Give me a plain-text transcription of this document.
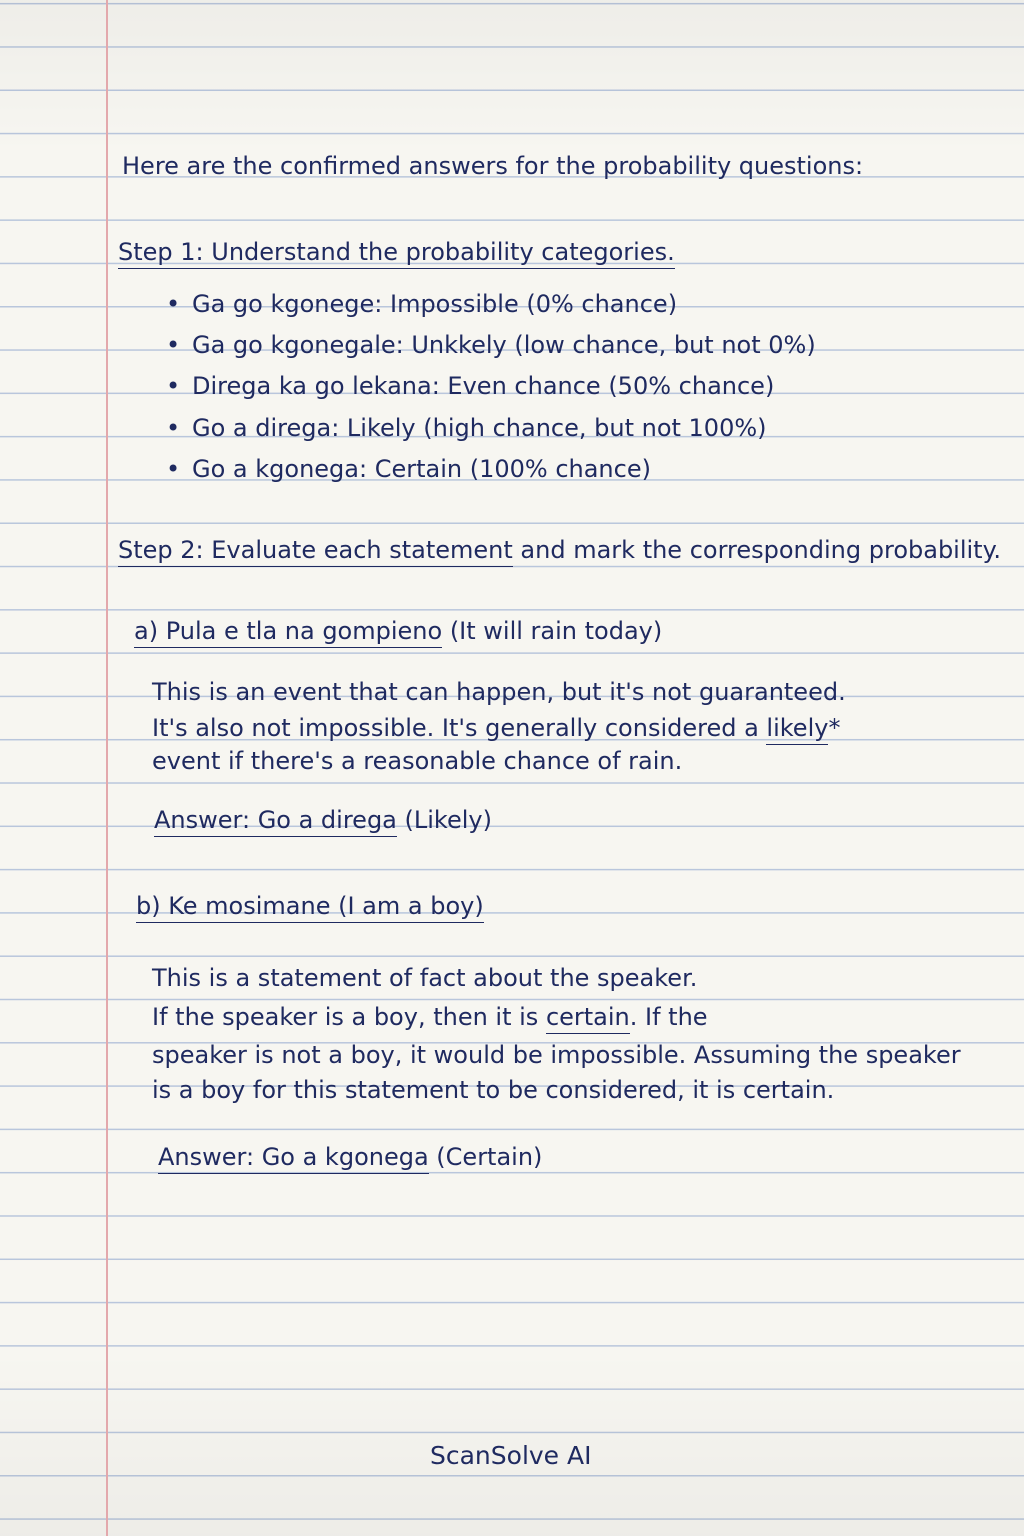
Here are the confirmed answers for the probability questions:
Step 1: Understand the probability categories.
• Ga go kgonege: Impossible (0% chance)
• Ga go kgonegale: Unkkely (low chance, but not 0%)
• Direga ka go lekana: Even chance (50% chance)
• Go a direga: Likely (high chance, but not 100%)
• Go a kgonega: Certain (100% chance)
Step 2: Evaluate each statement and mark the corresponding probability.
a) Pula e tla na gompieno (It will rain today)
This is an event that can happen, but it's not guaranteed.
It's also not impossible. It's generally considered a likely*
event if there's a reasonable chance of rain.
Answer: Go a direga (Likely)
b) Ke mosimane (I am a boy)
This is a statement of fact about the speaker.
If the speaker is a boy, then it is certain. If the
speaker is not a boy, it would be impossible. Assuming the speaker
is a boy for this statement to be considered, it is certain.
Answer: Go a kgonega (Certain)
ScanSolve AI
